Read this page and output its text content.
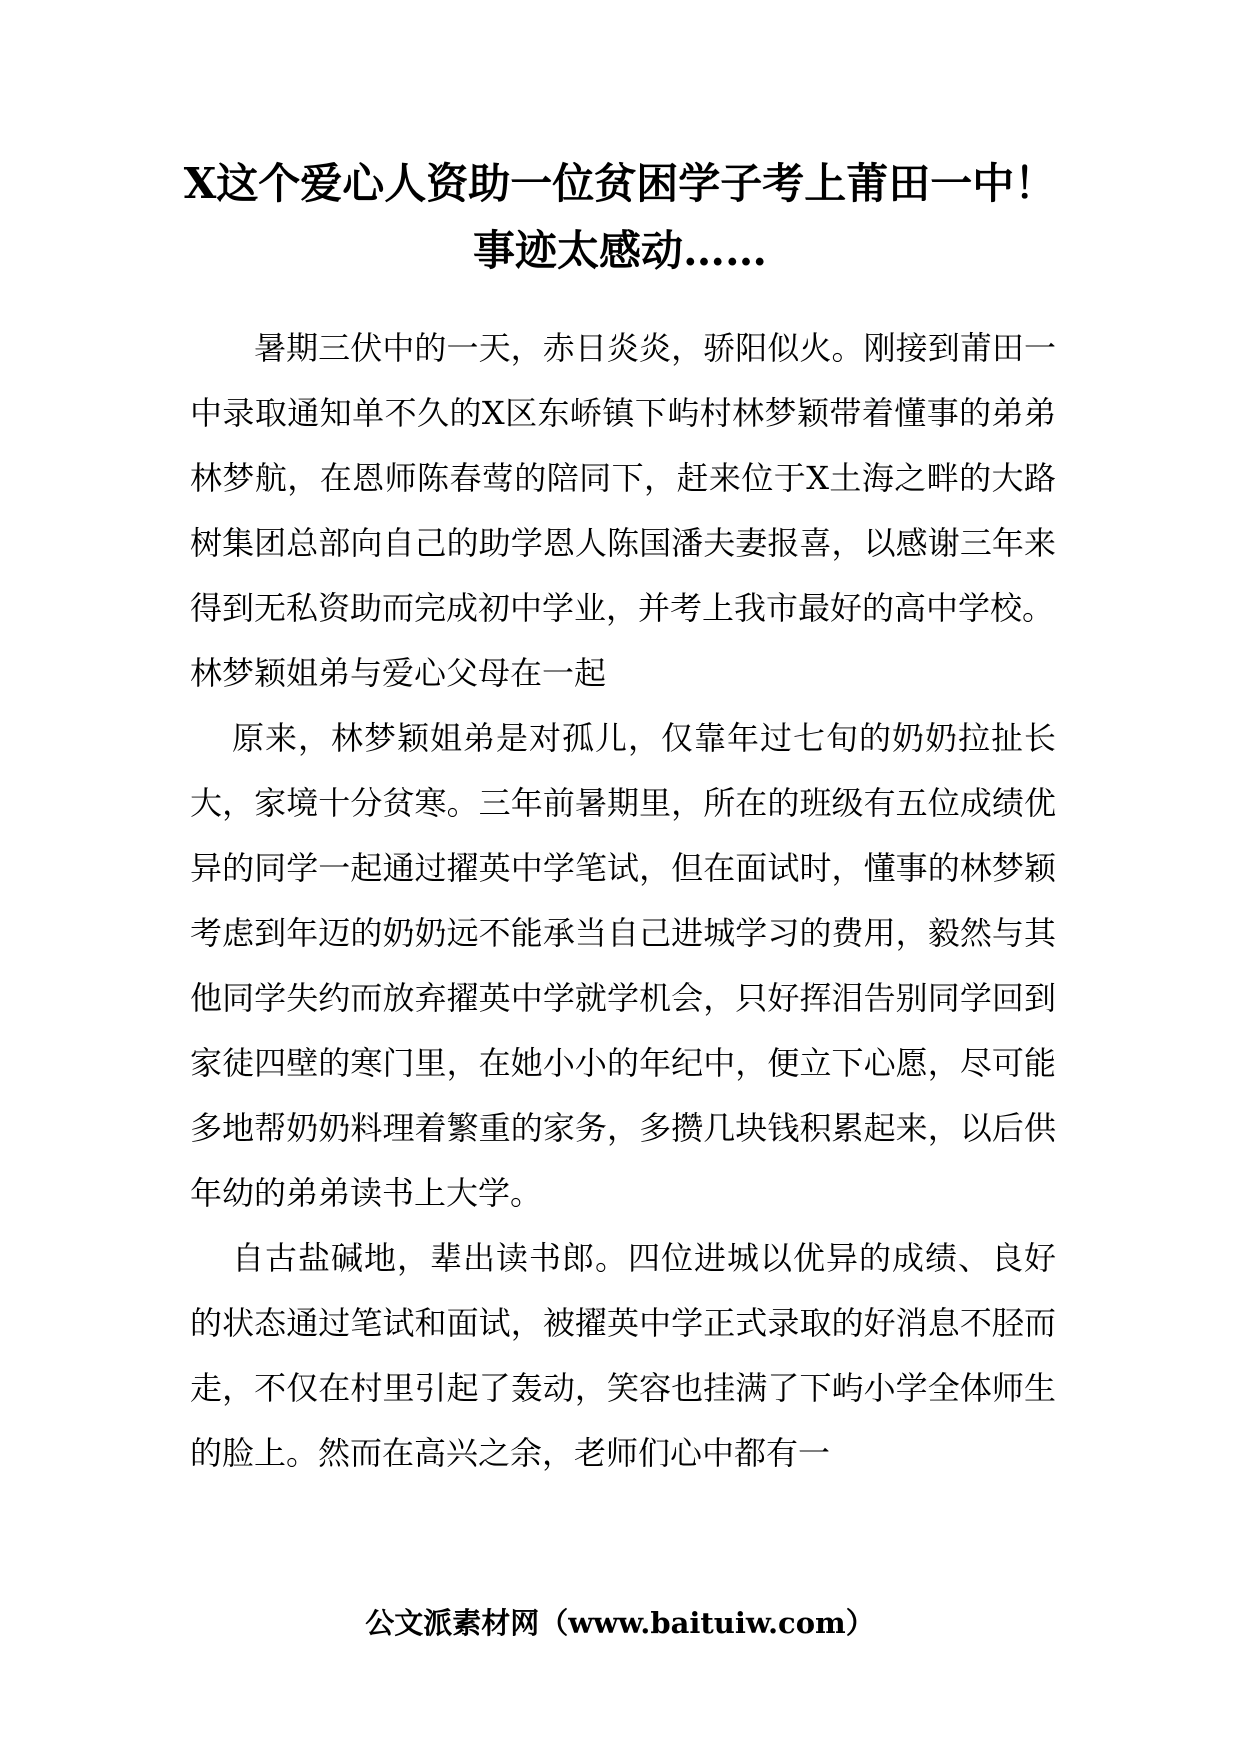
X这个爱心人资助一位贫困学子考上莆田一中！事迹太感动……

暑期三伏中的一天，赤日炎炎，骄阳似火。刚接到莆田一中录取通知单不久的X区东峤镇下屿村林梦颖带着懂事的弟弟林梦航，在恩师陈春莺的陪同下，赶来位于X土海之畔的大路树集团总部向自己的助学恩人陈国潘夫妻报喜，以感谢三年来得到无私资助而完成初中学业，并考上我市最好的高中学校。

林梦颖姐弟与爱心父母在一起

原来，林梦颖姐弟是对孤儿，仅靠年过七旬的奶奶拉扯长大，家境十分贫寒。三年前暑期里，所在的班级有五位成绩优异的同学一起通过擢英中学笔试，但在面试时，懂事的林梦颖考虑到年迈的奶奶远不能承当自己进城学习的费用，毅然与其他同学失约而放弃擢英中学就学机会，只好挥泪告别同学回到家徒四壁的寒门里，在她小小的年纪中，便立下心愿，尽可能多地帮奶奶料理着繁重的家务，多攒几块钱积累起来，以后供年幼的弟弟读书上大学。

自古盐碱地，辈出读书郎。四位进城以优异的成绩、良好的状态通过笔试和面试，被擢英中学正式录取的好消息不胫而走，不仅在村里引起了轰动，笑容也挂满了下屿小学全体师生的脸上。然而在高兴之余，老师们心中都有一

公文派素材网（www.baituiw.com）
